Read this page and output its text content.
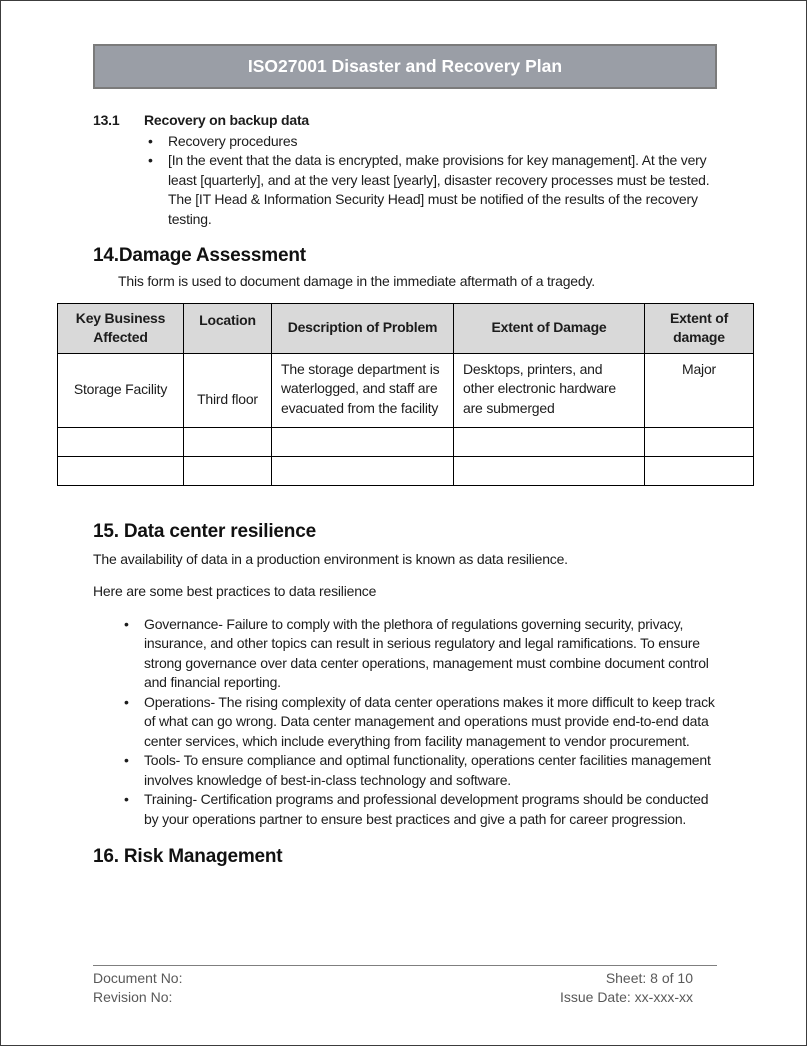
ISO27001 Disaster and Recovery Plan
13.1 Recovery on backup data
• Recovery procedures
• [In the event that the data is encrypted, make provisions for key management]. At the very least [quarterly], and at the very least [yearly], disaster recovery processes must be tested. The [IT Head & Information Security Head] must be notified of the results of the recovery testing.
14.Damage Assessment

This form is used to document damage in the immediate aftermath of a tragedy.

Key Business Affected	Location	Description of Problem	Extent of Damage	Extent of damage
Storage Facility	Third floor	The storage department is waterlogged, and staff are evacuated from the facility	Desktops, printers, and other electronic hardware are submerged	Major

15. Data center resilience

The availability of data in a production environment is known as data resilience.

Here are some best practices to data resilience

• Governance- Failure to comply with the plethora of regulations governing security, privacy, insurance, and other topics can result in serious regulatory and legal ramifications. To ensure strong governance over data center operations, management must combine document control and financial reporting.
• Operations- The rising complexity of data center operations makes it more difficult to keep track of what can go wrong. Data center management and operations must provide end-to-end data center services, which include everything from facility management to vendor procurement.
• Tools- To ensure compliance and optimal functionality, operations center facilities management involves knowledge of best-in-class technology and software.
• Training- Certification programs and professional development programs should be conducted by your operations partner to ensure best practices and give a path for career progression.
16. Risk Management
Document No:
Revision No:
Sheet: 8 of 10
Issue Date: xx-xxx-xx
